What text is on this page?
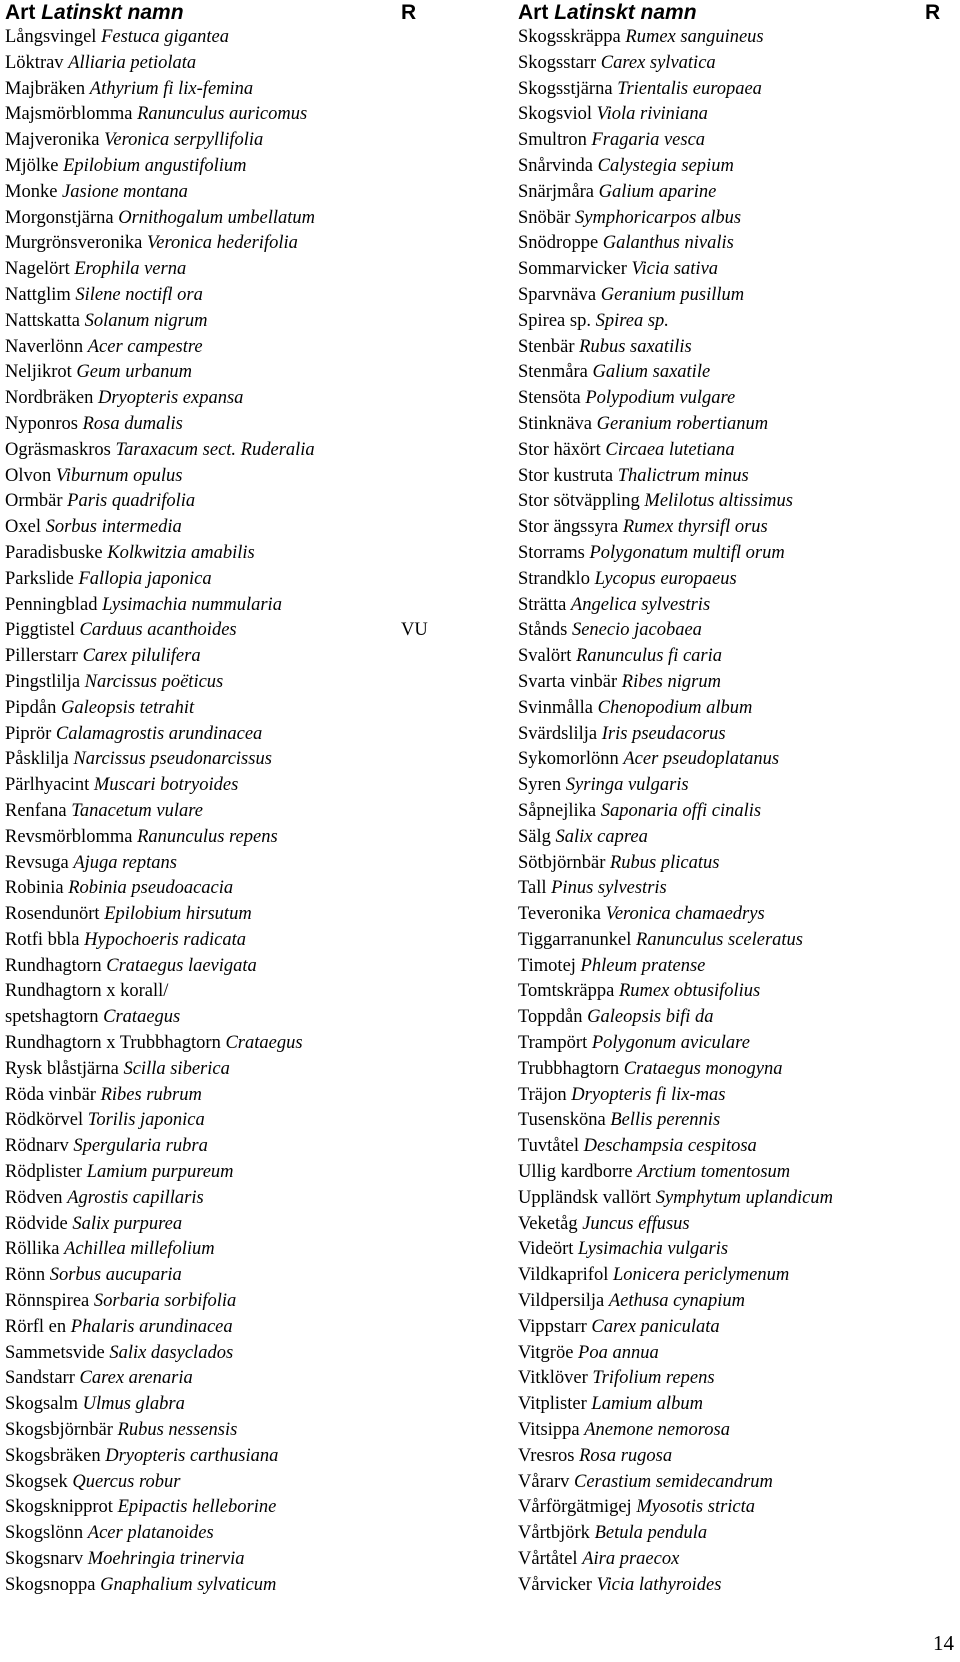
Art Latinskt namn	R
Långsvingel Festuca gigantea
Löktrav Alliaria petiolata
Majbräken Athyrium fi lix-femina
Majsmörblomma Ranunculus auricomus
Majveronika Veronica serpyllifolia
Mjölke Epilobium angustifolium
Monke Jasione montana
Morgonstjärna Ornithogalum umbellatum
Murgrönsveronika Veronica hederifolia
Nagelört Erophila verna
Nattglim Silene noctifl ora
Nattskatta Solanum nigrum
Naverlönn Acer campestre
Neljikrot Geum urbanum
Nordbräken Dryopteris expansa
Nyponros Rosa dumalis
Ogräsmaskros Taraxacum sect. Ruderalia
Olvon Viburnum opulus
Ormbär Paris quadrifolia
Oxel Sorbus intermedia
Paradisbuske Kolkwitzia amabilis
Parkslide Fallopia japonica
Penningblad Lysimachia nummularia
Piggtistel Carduus acanthoides	VU
Pillerstarr Carex pilulifera
Pingstlilja Narcissus poëticus
Pipdån Galeopsis tetrahit
Piprör Calamagrostis arundinacea
Påsklilja Narcissus pseudonarcissus
Pärlhyacint Muscari botryoides
Renfana Tanacetum vulare
Revsmörblomma Ranunculus repens
Revsuga Ajuga reptans
Robinia Robinia pseudoacacia
Rosendunört Epilobium hirsutum
Rotfi bbla Hypochoeris radicata
Rundhagtorn Crataegus laevigata
Rundhagtorn x korall/
spetshagtorn Crataegus
Rundhagtorn x Trubbhagtorn Crataegus
Rysk blåstjärna Scilla siberica
Röda vinbär Ribes rubrum
Rödkörvel Torilis japonica
Rödnarv Spergularia rubra
Rödplister Lamium purpureum
Rödven Agrostis capillaris
Rödvide Salix purpurea
Röllika Achillea millefolium
Rönn Sorbus aucuparia
Rönnspirea Sorbaria sorbifolia
Rörfl en Phalaris arundinacea
Sammetsvide Salix dasyclados
Sandstarr Carex arenaria
Skogsalm Ulmus glabra
Skogsbjörnbär Rubus nessensis
Skogsbräken Dryopteris carthusiana
Skogsek Quercus robur
Skogsknipprot Epipactis helleborine
Skogslönn Acer platanoides
Skogsnarv Moehringia trinervia
Skogsnoppa Gnaphalium sylvaticum
Art Latinskt namn	R
Skogsskräppa Rumex sanguineus
Skogsstarr Carex sylvatica
Skogsstjärna Trientalis europaea
Skogsviol Viola riviniana
Smultron Fragaria vesca
Snårvinda Calystegia sepium
Snärjmåra Galium aparine
Snöbär Symphoricarpos albus
Snödroppe Galanthus nivalis
Sommarvicker Vicia sativa
Sparvnäva Geranium pusillum
Spirea sp. Spirea sp.
Stenbär Rubus saxatilis
Stenmåra Galium saxatile
Stensöta Polypodium vulgare
Stinknäva Geranium robertianum
Stor häxört Circaea lutetiana
Stor kustruta Thalictrum minus
Stor sötväppling Melilotus altissimus
Stor ängssyra Rumex thyrsifl orus
Storrams Polygonatum multifl orum
Strandklo Lycopus europaeus
Strätta Angelica sylvestris
Stånds Senecio jacobaea
Svalört Ranunculus fi caria
Svarta vinbär Ribes nigrum
Svinmålla Chenopodium album
Svärdslilja Iris pseudacorus
Sykomorlönn Acer pseudoplatanus
Syren Syringa vulgaris
Såpnejlika Saponaria offi cinalis
Sälg Salix caprea
Sötbjörnbär Rubus plicatus
Tall Pinus sylvestris
Teveronika Veronica chamaedrys
Tiggarranunkel Ranunculus sceleratus
Timotej Phleum pratense
Tomtskräppa Rumex obtusifolius
Toppdån Galeopsis bifi da
Trampört Polygonum aviculare
Trubbhagtorn Crataegus monogyna
Träjon Dryopteris fi lix-mas
Tusensköna Bellis perennis
Tuvtåtel Deschampsia cespitosa
Ullig kardborre Arctium tomentosum
Uppländsk vallört Symphytum uplandicum
Veketåg Juncus effusus
Videört Lysimachia vulgaris
Vildkaprifol Lonicera periclymenum
Vildpersilja Aethusa cynapium
Vippstarr Carex paniculata
Vitgröe Poa annua
Vitklöver Trifolium repens
Vitplister Lamium album
Vitsippa Anemone nemorosa
Vresros Rosa rugosa
Vårarv Cerastium semidecandrum
Vårförgätmigej Myosotis stricta
Vårtbjörk Betula pendula
Vårtåtel Aira praecox
Vårvicker Vicia lathyroides
14
